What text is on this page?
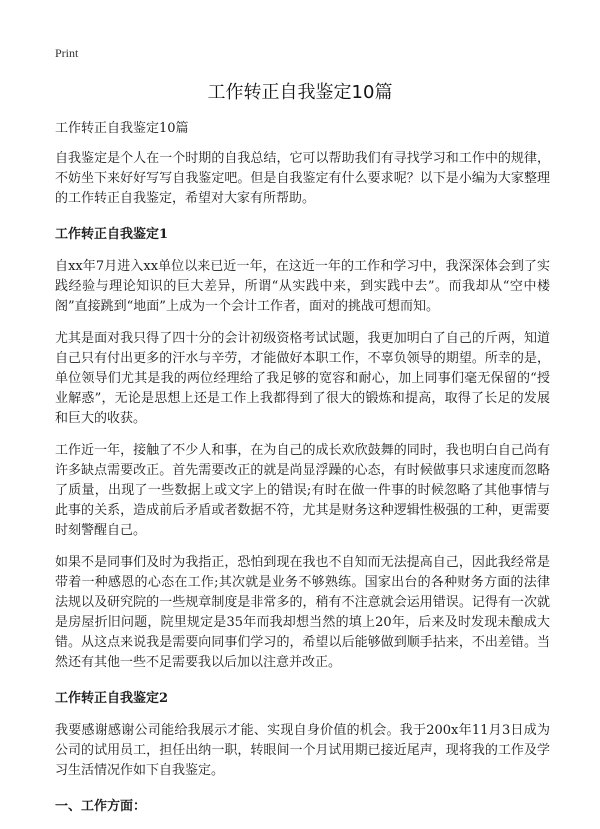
Print
工作转正自我鉴定10篇

工作转正自我鉴定10篇

自我鉴定是个人在一个时期的自我总结，它可以帮助我们有寻找学习和工作中的规律，不妨坐下来好好写写自我鉴定吧。但是自我鉴定有什么要求呢？以下是小编为大家整理的工作转正自我鉴定，希望对大家有所帮助。

工作转正自我鉴定1

自xx年7月进入xx单位以来已近一年，在这近一年的工作和学习中，我深深体会到了实践经验与理论知识的巨大差异，所谓“从实践中来，到实践中去”。而我却从“空中楼阁”直接跳到“地面”上成为一个会计工作者，面对的挑战可想而知。

尤其是面对我只得了四十分的会计初级资格考试试题，我更加明白了自己的斤两，知道自己只有付出更多的汗水与辛劳，才能做好本职工作，不辜负领导的期望。所幸的是，单位领导们尤其是我的两位经理给了我足够的宽容和耐心，加上同事们毫无保留的“授业解惑”，无论是思想上还是工作上我都得到了很大的锻炼和提高，取得了长足的发展和巨大的收获。

工作近一年，接触了不少人和事，在为自己的成长欢欣鼓舞的同时，我也明白自己尚有许多缺点需要改正。首先需要改正的就是尚显浮躁的心态，有时候做事只求速度而忽略了质量，出现了一些数据上或文字上的错误;有时在做一件事的时候忽略了其他事情与此事的关系，造成前后矛盾或者数据不符，尤其是财务这种逻辑性极强的工种，更需要时刻警醒自己。

如果不是同事们及时为我指正，恐怕到现在我也不自知而无法提高自己，因此我经常是带着一种感恩的心态在工作;其次就是业务不够熟练。国家出台的各种财务方面的法律法规以及研究院的一些规章制度是非常多的，稍有不注意就会运用错误。记得有一次就是房屋折旧问题，院里规定是35年而我却想当然的填上20年，后来及时发现未酿成大错。从这点来说我是需要向同事们学习的，希望以后能够做到顺手拈来，不出差错。当然还有其他一些不足需要我以后加以注意并改正。

工作转正自我鉴定2

我要感谢感谢公司能给我展示才能、实现自身价值的机会。我于200x年11月3日成为公司的试用员工，担任出纳一职，转眼间一个月试用期已接近尾声，现将我的工作及学习生活情况作如下自我鉴定。

一、工作方面：
